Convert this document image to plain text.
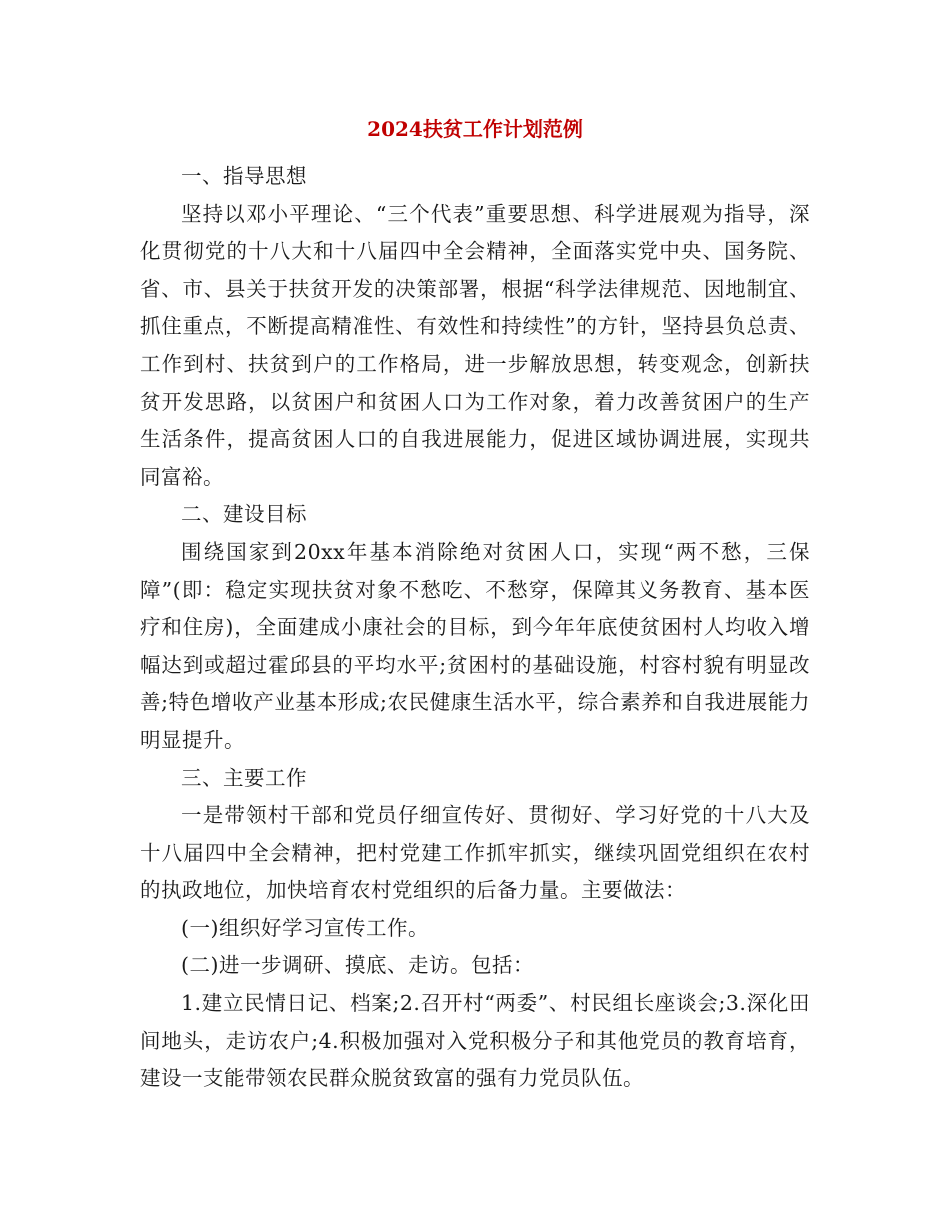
2024扶贫工作计划范例

一、指导思想

坚持以邓小平理论、“三个代表”重要思想、科学进展观为指导，深化贯彻党的十八大和十八届四中全会精神，全面落实党中央、国务院、省、市、县关于扶贫开发的决策部署，根据“科学法律规范、因地制宜、抓住重点，不断提高精准性、有效性和持续性”的方针，坚持县负总责、工作到村、扶贫到户的工作格局，进一步解放思想，转变观念，创新扶贫开发思路，以贫困户和贫困人口为工作对象，着力改善贫困户的生产生活条件，提高贫困人口的自我进展能力，促进区域协调进展，实现共同富裕。

二、建设目标

围绕国家到20xx年基本消除绝对贫困人口，实现“两不愁，三保障”(即：稳定实现扶贫对象不愁吃、不愁穿，保障其义务教育、基本医疗和住房)，全面建成小康社会的目标，到今年年底使贫困村人均收入增幅达到或超过霍邱县的平均水平;贫困村的基础设施，村容村貌有明显改善;特色增收产业基本形成;农民健康生活水平，综合素养和自我进展能力明显提升。

三、主要工作

一是带领村干部和党员仔细宣传好、贯彻好、学习好党的十八大及十八届四中全会精神，把村党建工作抓牢抓实，继续巩固党组织在农村的执政地位，加快培育农村党组织的后备力量。主要做法：

(一)组织好学习宣传工作。

(二)进一步调研、摸底、走访。包括：

1.建立民情日记、档案;2.召开村“两委”、村民组长座谈会;3.深化田间地头，走访农户;4.积极加强对入党积极分子和其他党员的教育培育，建设一支能带领农民群众脱贫致富的强有力党员队伍。
